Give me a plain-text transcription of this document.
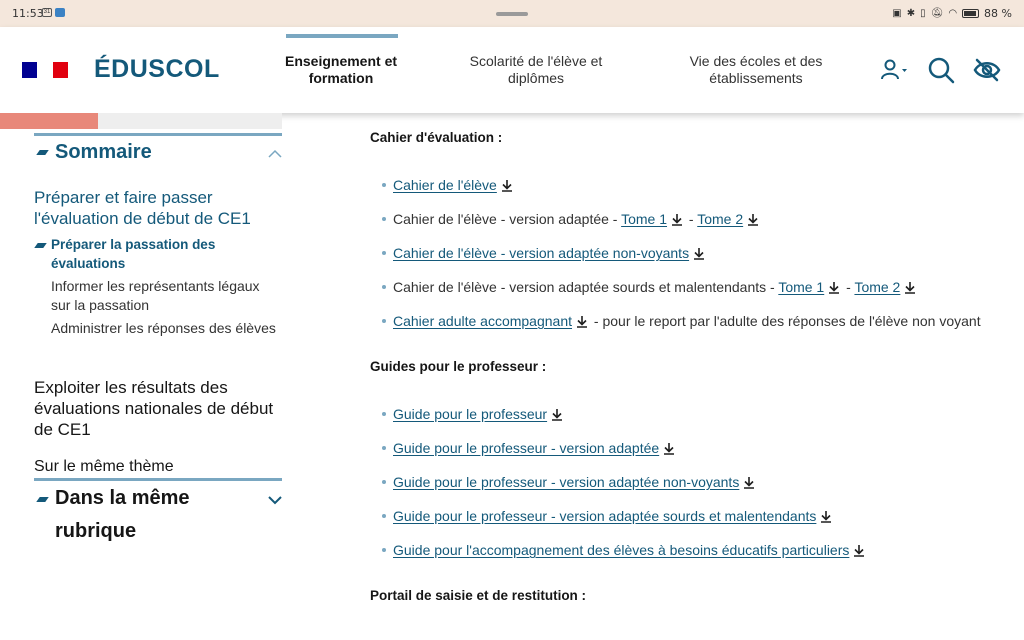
11:53 31	▣ ✱ ▯ 🔕︎ ◠ 88 %
ÉDUSCOL	Enseignement et formation
Scolarité de l'élève et diplômes
Vie des écoles et des établissements
Sommaire
Préparer et faire passer l'évaluation de début de CE1
Préparer la passation des évaluations
Informer les représentants légaux sur la passation
Administrer les réponses des élèves
Exploiter les résultats des évaluations nationales de début de CE1
Sur le même thème
Dans la même rubrique
Cahier d'évaluation :
Cahier de l'élève
Cahier de l'élève - version adaptée - Tome 1 - Tome 2
Cahier de l'élève - version adaptée non-voyants
Cahier de l'élève - version adaptée sourds et malentendants - Tome 1 - Tome 2
Cahier adulte accompagnant - pour le report par l'adulte des réponses de l'élève non voyant
Guides pour le professeur :
Guide pour le professeur
Guide pour le professeur - version adaptée
Guide pour le professeur - version adaptée non-voyants
Guide pour le professeur - version adaptée sourds et malentendants
Guide pour l'accompagnement des élèves à besoins éducatifs particuliers
Portail de saisie et de restitution :
